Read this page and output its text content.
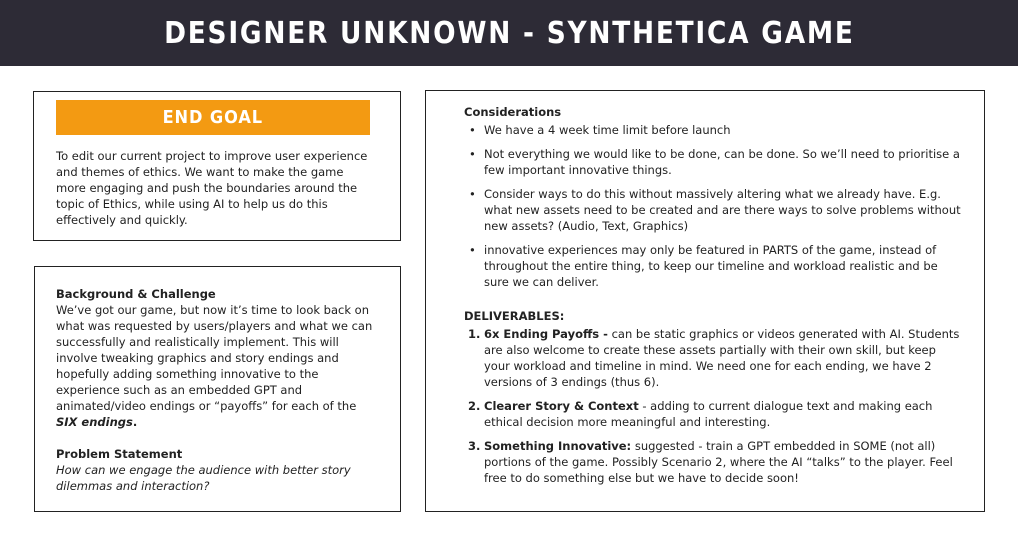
DESIGNER UNKNOWN - SYNTHETICA GAME
END GOAL
To edit our current project to improve user experience and themes of ethics. We want to make the game more engaging and push the boundaries around the topic of Ethics, while using AI to help us do this effectively and quickly.

Background & Challenge

We’ve got our game, but now it’s time to look back on what was requested by users/players and what we can successfully and realistically implement. This will involve tweaking graphics and story endings and hopefully adding something innovative to the experience such as an embedded GPT and animated/video endings or “payoffs” for each of the SIX endings.

Problem Statement

How can we engage the audience with better story dilemmas and interaction?

Considerations

• We have a 4 week time limit before launch
• Not everything we would like to be done, can be done. So we’ll need to prioritise a few important innovative things.
• Consider ways to do this without massively altering what we already have. E.g. what new assets need to be created and are there ways to solve problems without new assets? (Audio, Text, Graphics)
• innovative experiences may only be featured in PARTS of the game, instead of throughout the entire thing, to keep our timeline and workload realistic and be sure we can deliver.

DELIVERABLES:

1. 6x Ending Payoffs - can be static graphics or videos generated with AI. Students are also welcome to create these assets partially with their own skill, but keep your workload and timeline in mind. We need one for each ending, we have 2 versions of 3 endings (thus 6).
2. Clearer Story & Context - adding to current dialogue text and making each ethical decision more meaningful and interesting.
3. Something Innovative: suggested - train a GPT embedded in SOME (not all) portions of the game. Possibly Scenario 2, where the AI “talks” to the player. Feel free to do something else but we have to decide soon!
